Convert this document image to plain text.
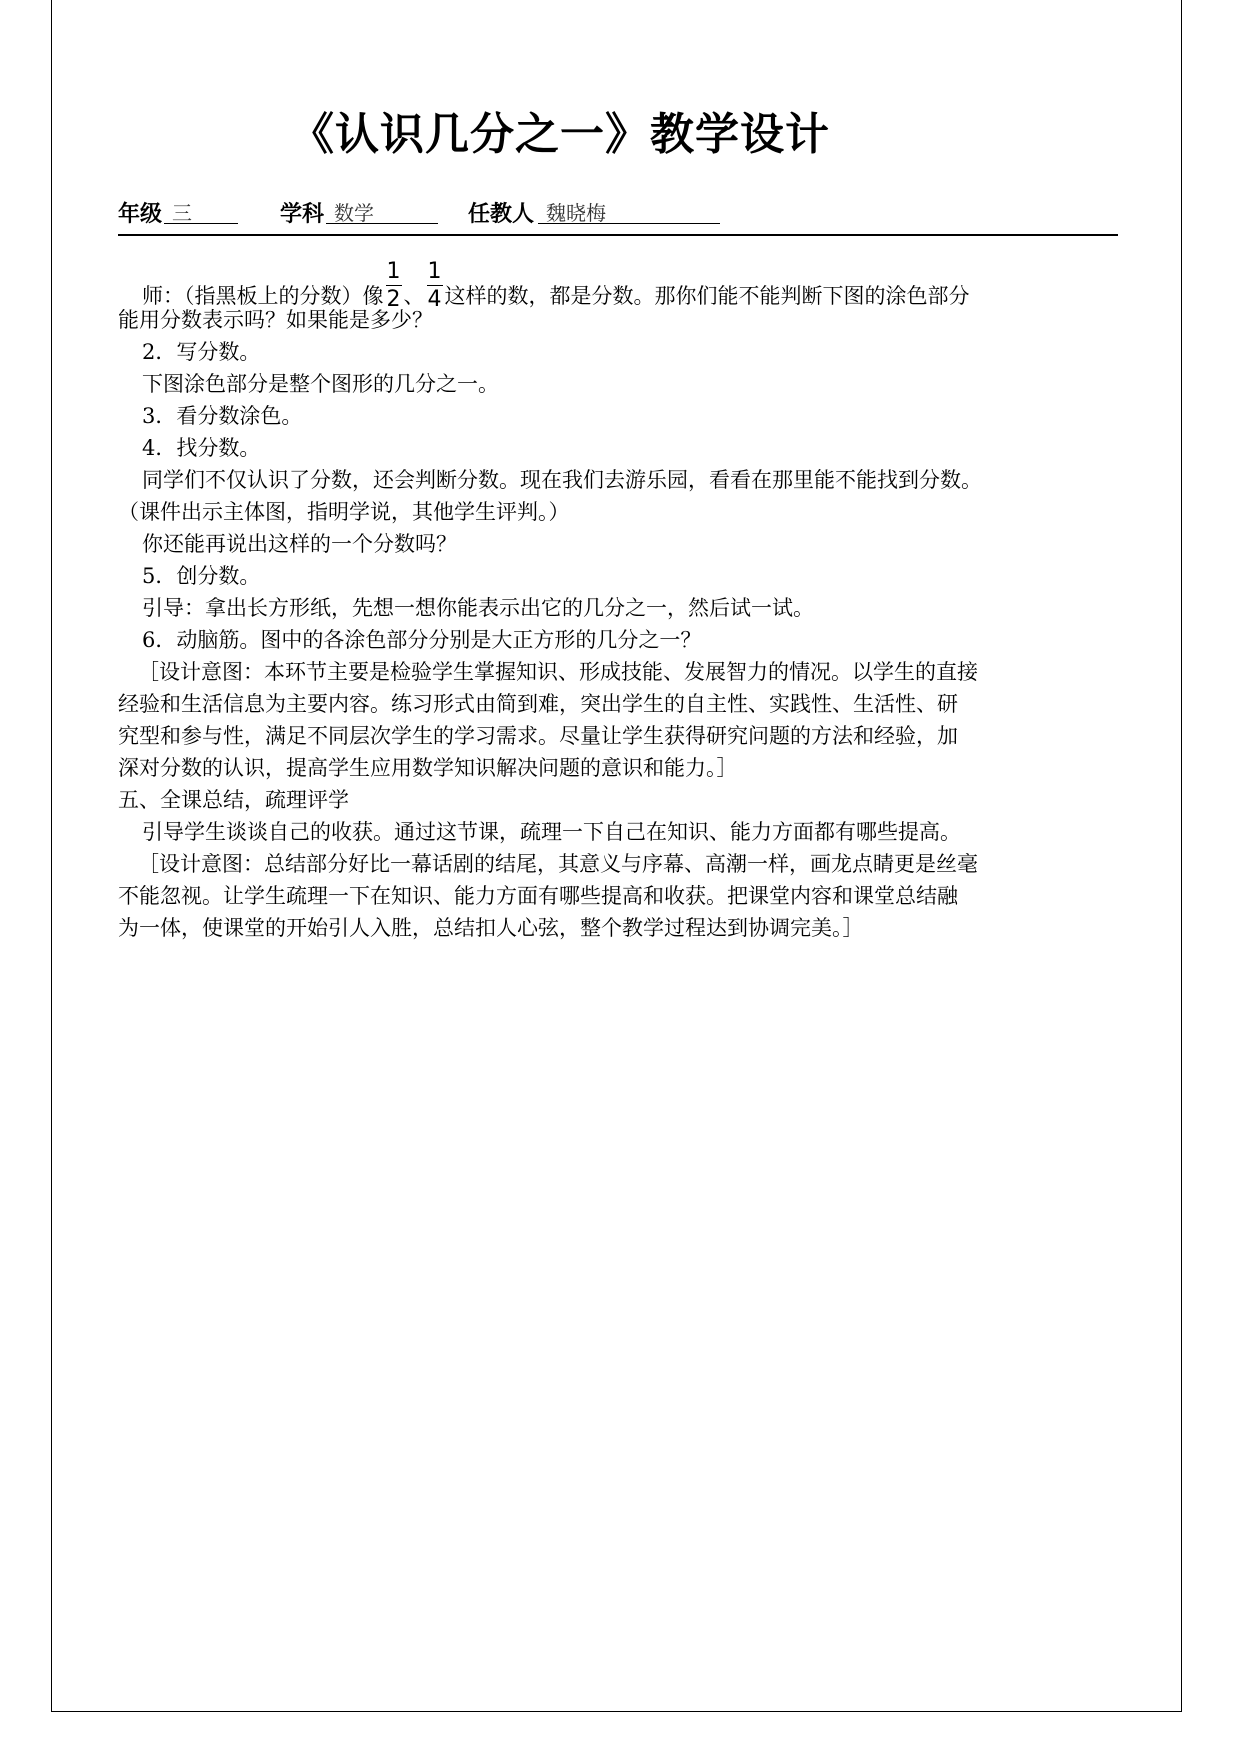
《认识几分之一》教学设计
年级 三	学科 数学	任教人 魏晓梅
师：（指黑板上的分数）像 $\frac{1}{2}$ 、 $\frac{1}{4}$ 这样的数，都是分数。那你们能不能判断下图的涂色部分
能用分数表示吗？如果能是多少？
2．写分数。
下图涂色部分是整个图形的几分之一。
3．看分数涂色。
4．找分数。
同学们不仅认识了分数，还会判断分数。现在我们去游乐园，看看在那里能不能找到分数。
（课件出示主体图，指明学说，其他学生评判。）
你还能再说出这样的一个分数吗？
5．创分数。
引导：拿出长方形纸，先想一想你能表示出它的几分之一，然后试一试。
6．动脑筋。图中的各涂色部分分别是大正方形的几分之一？
［设计意图：本环节主要是检验学生掌握知识、形成技能、发展智力的情况。以学生的直接
经验和生活信息为主要内容。练习形式由简到难，突出学生的自主性、实践性、生活性、研
究型和参与性，满足不同层次学生的学习需求。尽量让学生获得研究问题的方法和经验，加
深对分数的认识，提高学生应用数学知识解决问题的意识和能力。］
五、全课总结，疏理评学
引导学生谈谈自己的收获。通过这节课，疏理一下自己在知识、能力方面都有哪些提高。
［设计意图：总结部分好比一幕话剧的结尾，其意义与序幕、高潮一样，画龙点睛更是丝毫
不能忽视。让学生疏理一下在知识、能力方面有哪些提高和收获。把课堂内容和课堂总结融
为一体，使课堂的开始引人入胜，总结扣人心弦，整个教学过程达到协调完美。］
